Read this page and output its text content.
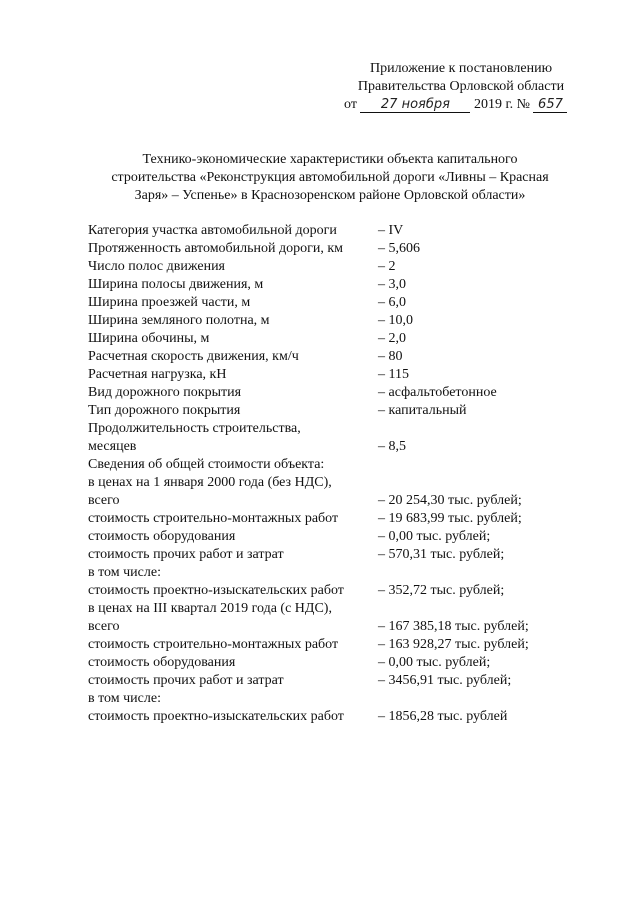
Приложение к постановлению
Правительства Орловской области
от 27 ноября 2019 г. № 657
Технико-экономические характеристики объекта капитального
строительства «Реконструкция автомобильной дороги «Ливны – Красная
Заря» – Успенье» в Краснозоренском районе Орловской области»
Категория участка автомобильной дороги	– IV
Протяженность автомобильной дороги, км	– 5,606
Число полос движения	– 2
Ширина полосы движения, м	– 3,0
Ширина проезжей части, м	– 6,0
Ширина земляного полотна, м	– 10,0
Ширина обочины, м	– 2,0
Расчетная скорость движения, км/ч	– 80
Расчетная нагрузка, кН	– 115
Вид дорожного покрытия	– асфальтобетонное
Тип дорожного покрытия	– капитальный
Продолжительность строительства,
месяцев	– 8,5
Сведения об общей стоимости объекта:
в ценах на 1 января 2000 года (без НДС),
всего	– 20 254,30 тыс. рублей;
стоимость строительно-монтажных работ	– 19 683,99 тыс. рублей;
стоимость оборудования	– 0,00 тыс. рублей;
стоимость прочих работ и затрат	– 570,31 тыс. рублей;
в том числе:
стоимость проектно-изыскательских работ	– 352,72 тыс. рублей;
в ценах на III квартал 2019 года (с НДС),
всего	– 167 385,18 тыс. рублей;
стоимость строительно-монтажных работ	– 163 928,27 тыс. рублей;
стоимость оборудования	– 0,00 тыс. рублей;
стоимость прочих работ и затрат	– 3456,91 тыс. рублей;
в том числе:
стоимость проектно-изыскательских работ	– 1856,28 тыс. рублей
